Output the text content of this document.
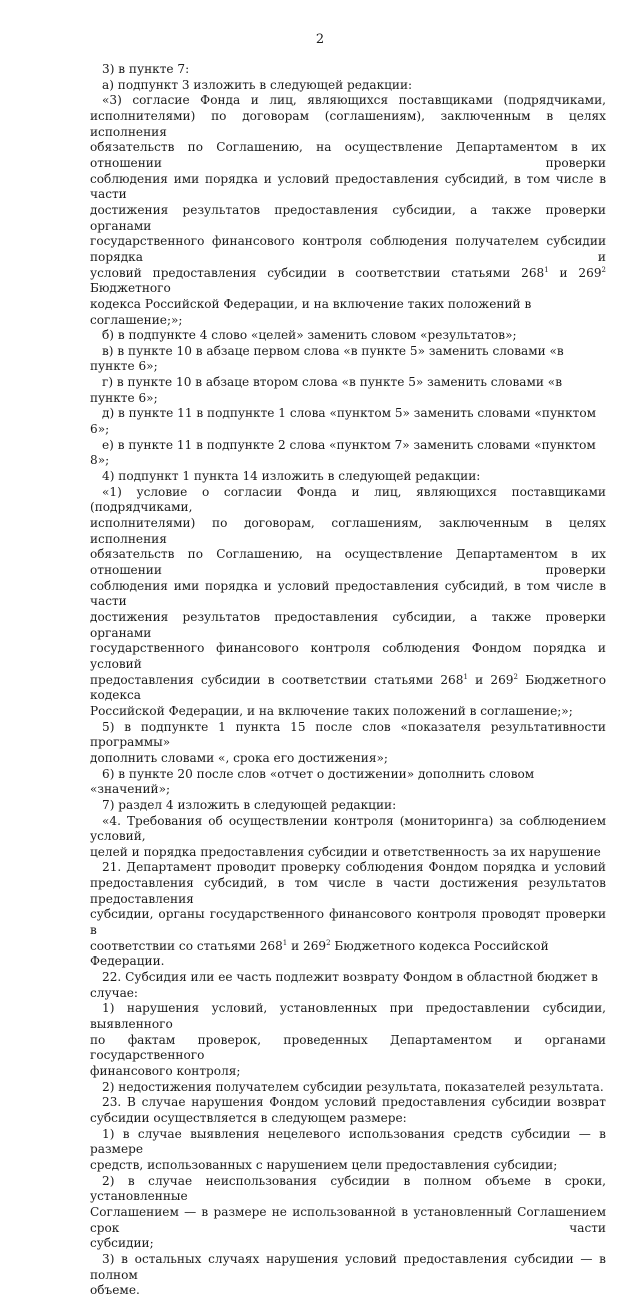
2

3) в пункте 7:

а) подпункт 3 изложить в следующей редакции:

«3) согласие Фонда и лиц, являющихся поставщиками (подрядчиками,

исполнителями) по договорам (соглашениям), заключенным в целях исполнения

обязательств по Соглашению, на осуществление Департаментом в их отношении проверки

соблюдения ими порядка и условий предоставления субсидий, в том числе в части

достижения результатов предоставления субсидии, а также проверки органами

государственного финансового контроля соблюдения получателем субсидии порядка и

условий предоставления субсидии в соответствии статьями $268^1$ и $269^2$ Бюджетного

кодекса Российской Федерации, и на включение таких положений в соглашение;»;

б) в подпункте 4 слово «целей» заменить словом «результатов»;

в) в пункте 10 в абзаце первом слова «в пункте 5» заменить словами «в пункте 6»;

г) в пункте 10 в абзаце втором слова «в пункте 5» заменить словами «в пункте 6»;

д) в пункте 11 в подпункте 1 слова «пунктом 5» заменить словами «пунктом 6»;

е) в пункте 11 в подпункте 2 слова «пунктом 7» заменить словами «пунктом 8»;

4) подпункт 1 пункта 14 изложить в следующей редакции:

«1) условие о согласии Фонда и лиц, являющихся поставщиками (подрядчиками,

исполнителями) по договорам, соглашениям, заключенным в целях исполнения

обязательств по Соглашению, на осуществление Департаментом в их отношении проверки

соблюдения ими порядка и условий предоставления субсидий, в том числе в части

достижения результатов предоставления субсидии, а также проверки органами

государственного финансового контроля соблюдения Фондом порядка и условий

предоставления субсидии в соответствии статьями $268^1$ и $269^2$ Бюджетного кодекса

Российской Федерации, и на включение таких положений в соглашение;»;

5) в подпункте 1 пункта 15 после слов «показателя результативности программы»

дополнить словами «, срока его достижения»;

6) в пункте 20 после слов «отчет о достижении» дополнить словом «значений»;

7) раздел 4 изложить в следующей редакции:

«4. Требования об осуществлении контроля (мониторинга) за соблюдением условий,

целей и порядка предоставления субсидии и ответственность за их нарушение

21. Департамент проводит проверку соблюдения Фондом порядка и условий

предоставления субсидий, в том числе в части достижения результатов предоставления

субсидии, органы государственного финансового контроля проводят проверки в

соответствии со статьями $268^1$ и $269^2$ Бюджетного кодекса Российской Федерации.

22. Субсидия или ее часть подлежит возврату Фондом в областной бюджет в случае:

1) нарушения условий, установленных при предоставлении субсидии, выявленного

по фактам проверок, проведенных Департаментом и органами государственного

финансового контроля;

2) недостижения получателем субсидии результата, показателей результата.

23. В случае нарушения Фондом условий предоставления субсидии возврат

субсидии осуществляется в следующем размере:

1) в случае выявления нецелевого использования средств субсидии — в размере

средств, использованных с нарушением цели предоставления субсидии;

2) в случае неиспользования субсидии в полном объеме в сроки, установленные

Соглашением — в размере не использованной в установленный Соглашением срок части

субсидии;

3) в остальных случаях нарушения условий предоставления субсидии — в полном

объеме.
